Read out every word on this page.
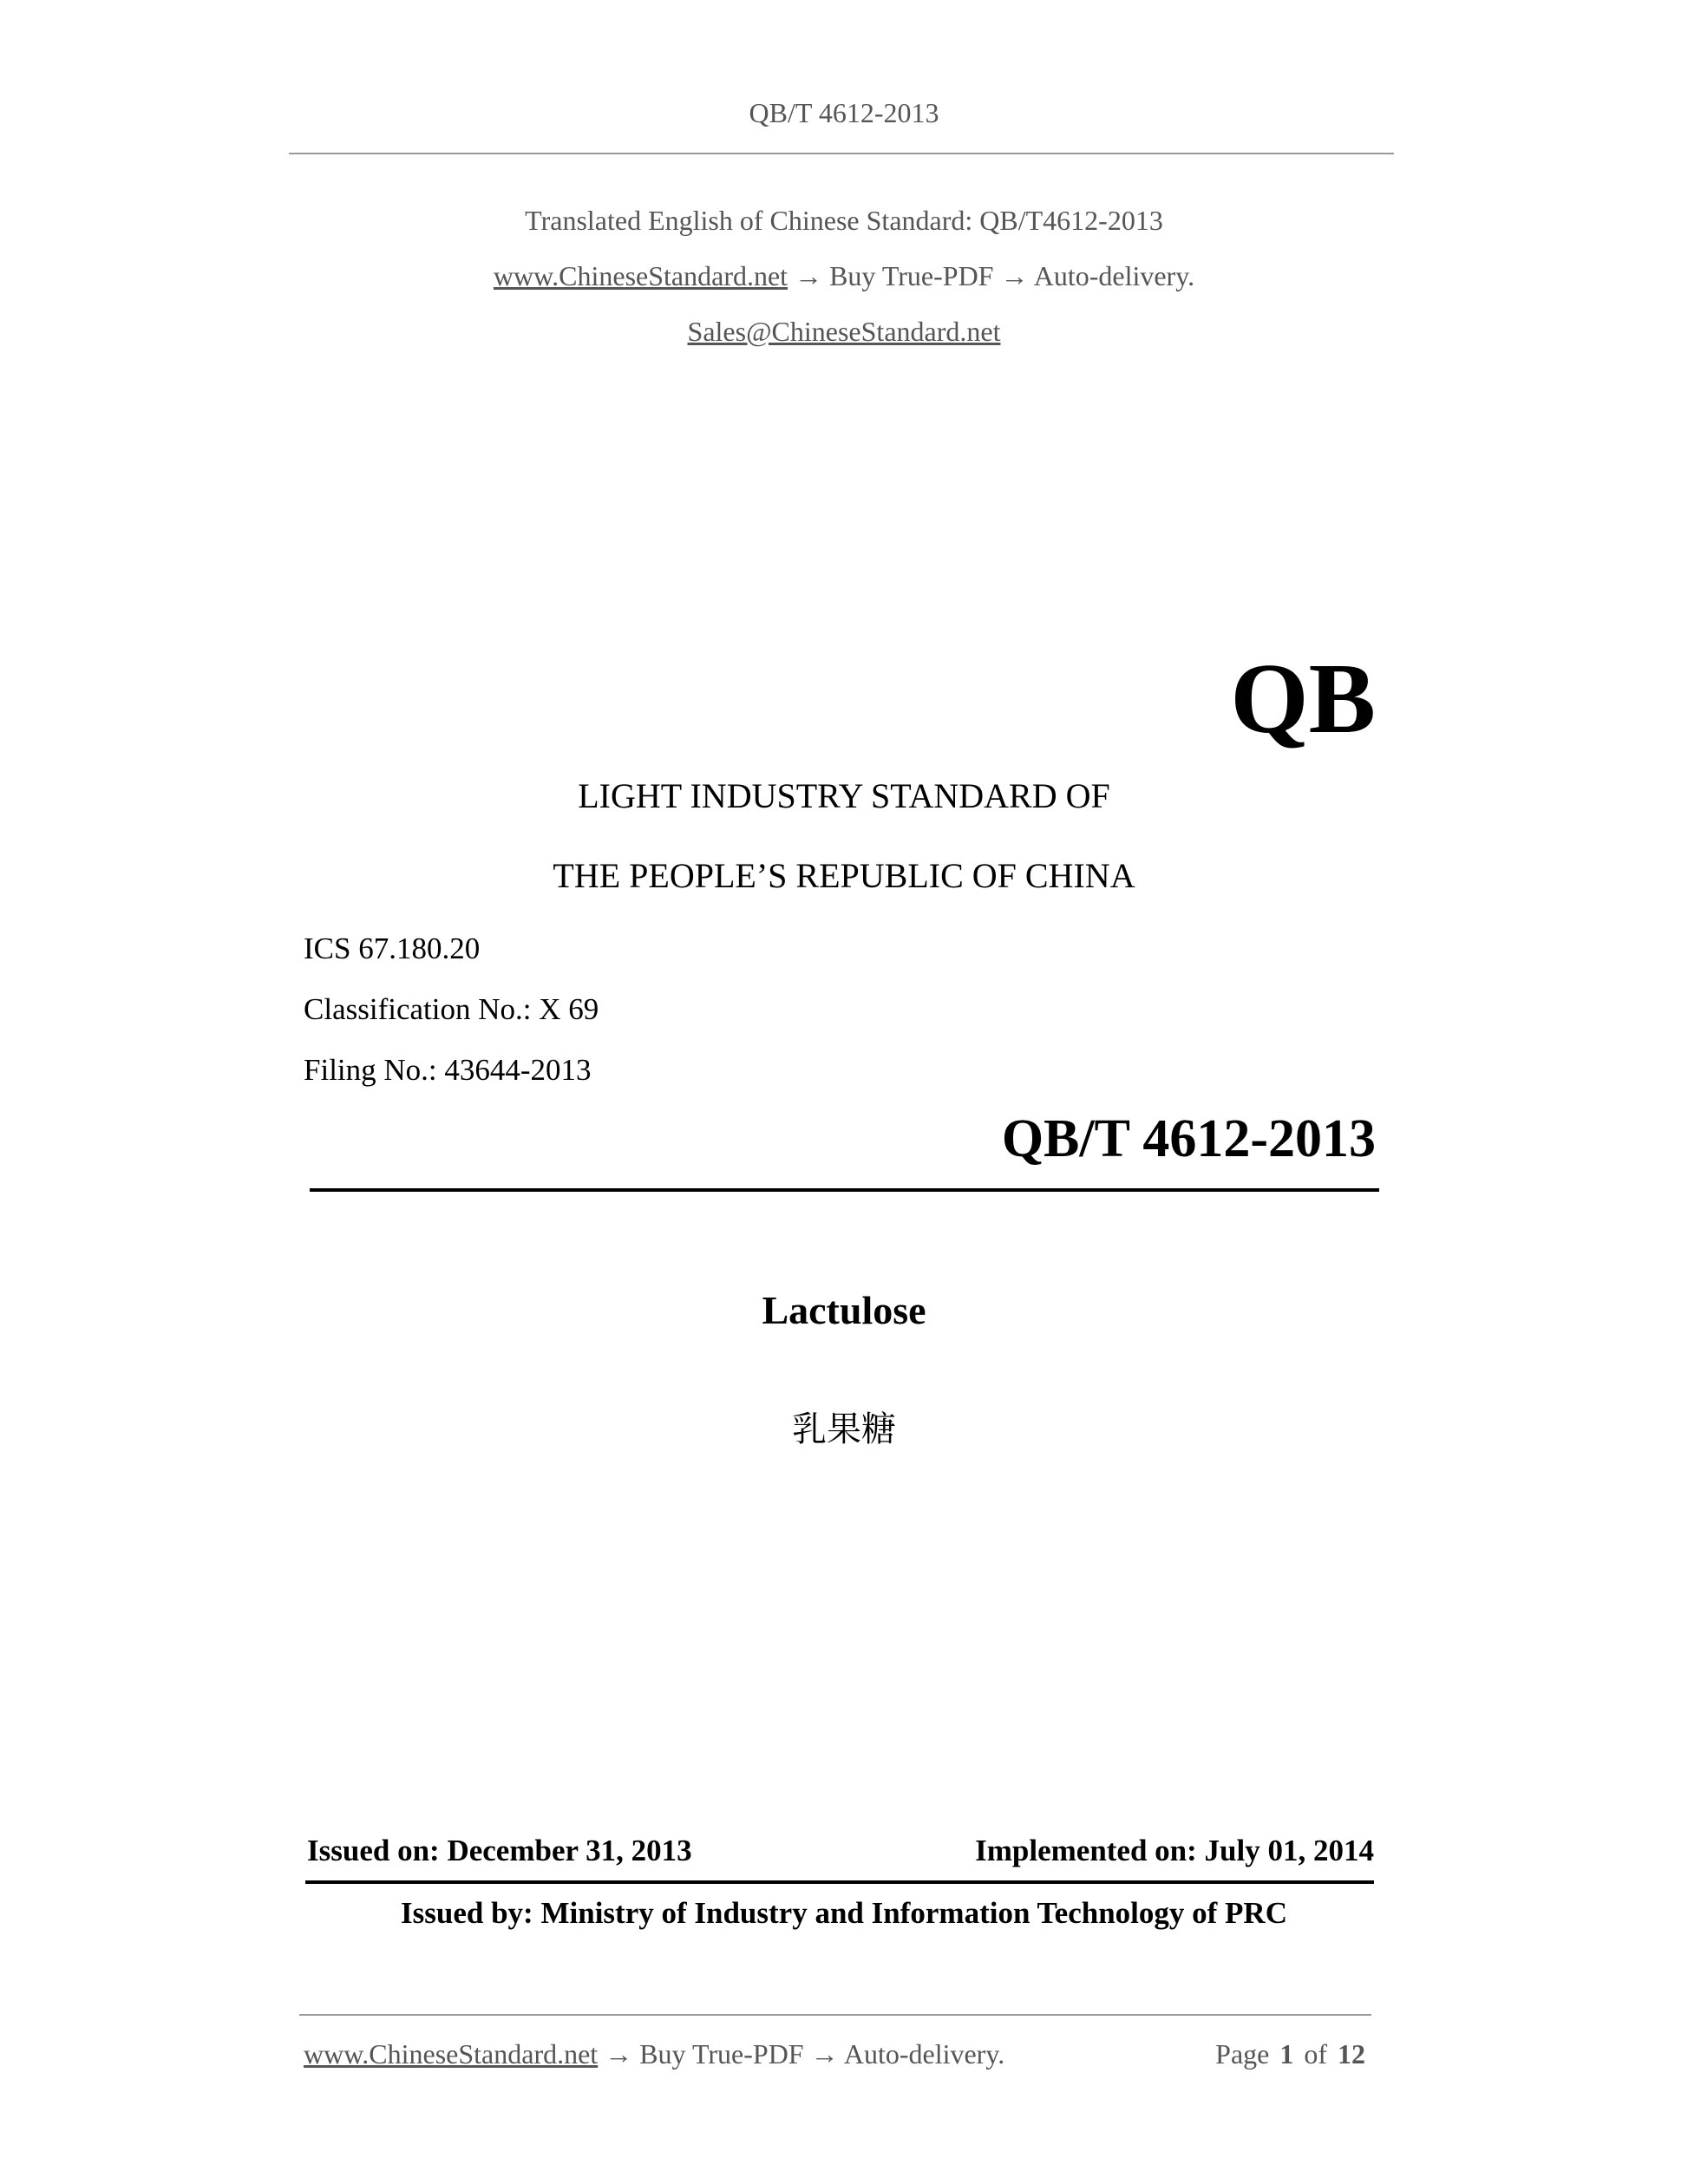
QB/T 4612-2013
Translated English of Chinese Standard: QB/T4612-2013
www.ChineseStandard.net → Buy True-PDF → Auto-delivery.
Sales@ChineseStandard.net
QB
LIGHT INDUSTRY STANDARD OF
THE PEOPLE’S REPUBLIC OF CHINA
ICS 67.180.20
Classification No.: X 69
Filing No.: 43644-2013
QB/T 4612-2013
Lactulose
乳果糖
Issued on: December 31, 2013	Implemented on: July 01, 2014
Issued by: Ministry of Industry and Information Technology of PRC
www.ChineseStandard.net → Buy True-PDF → Auto-delivery.	Page 1 of 12
